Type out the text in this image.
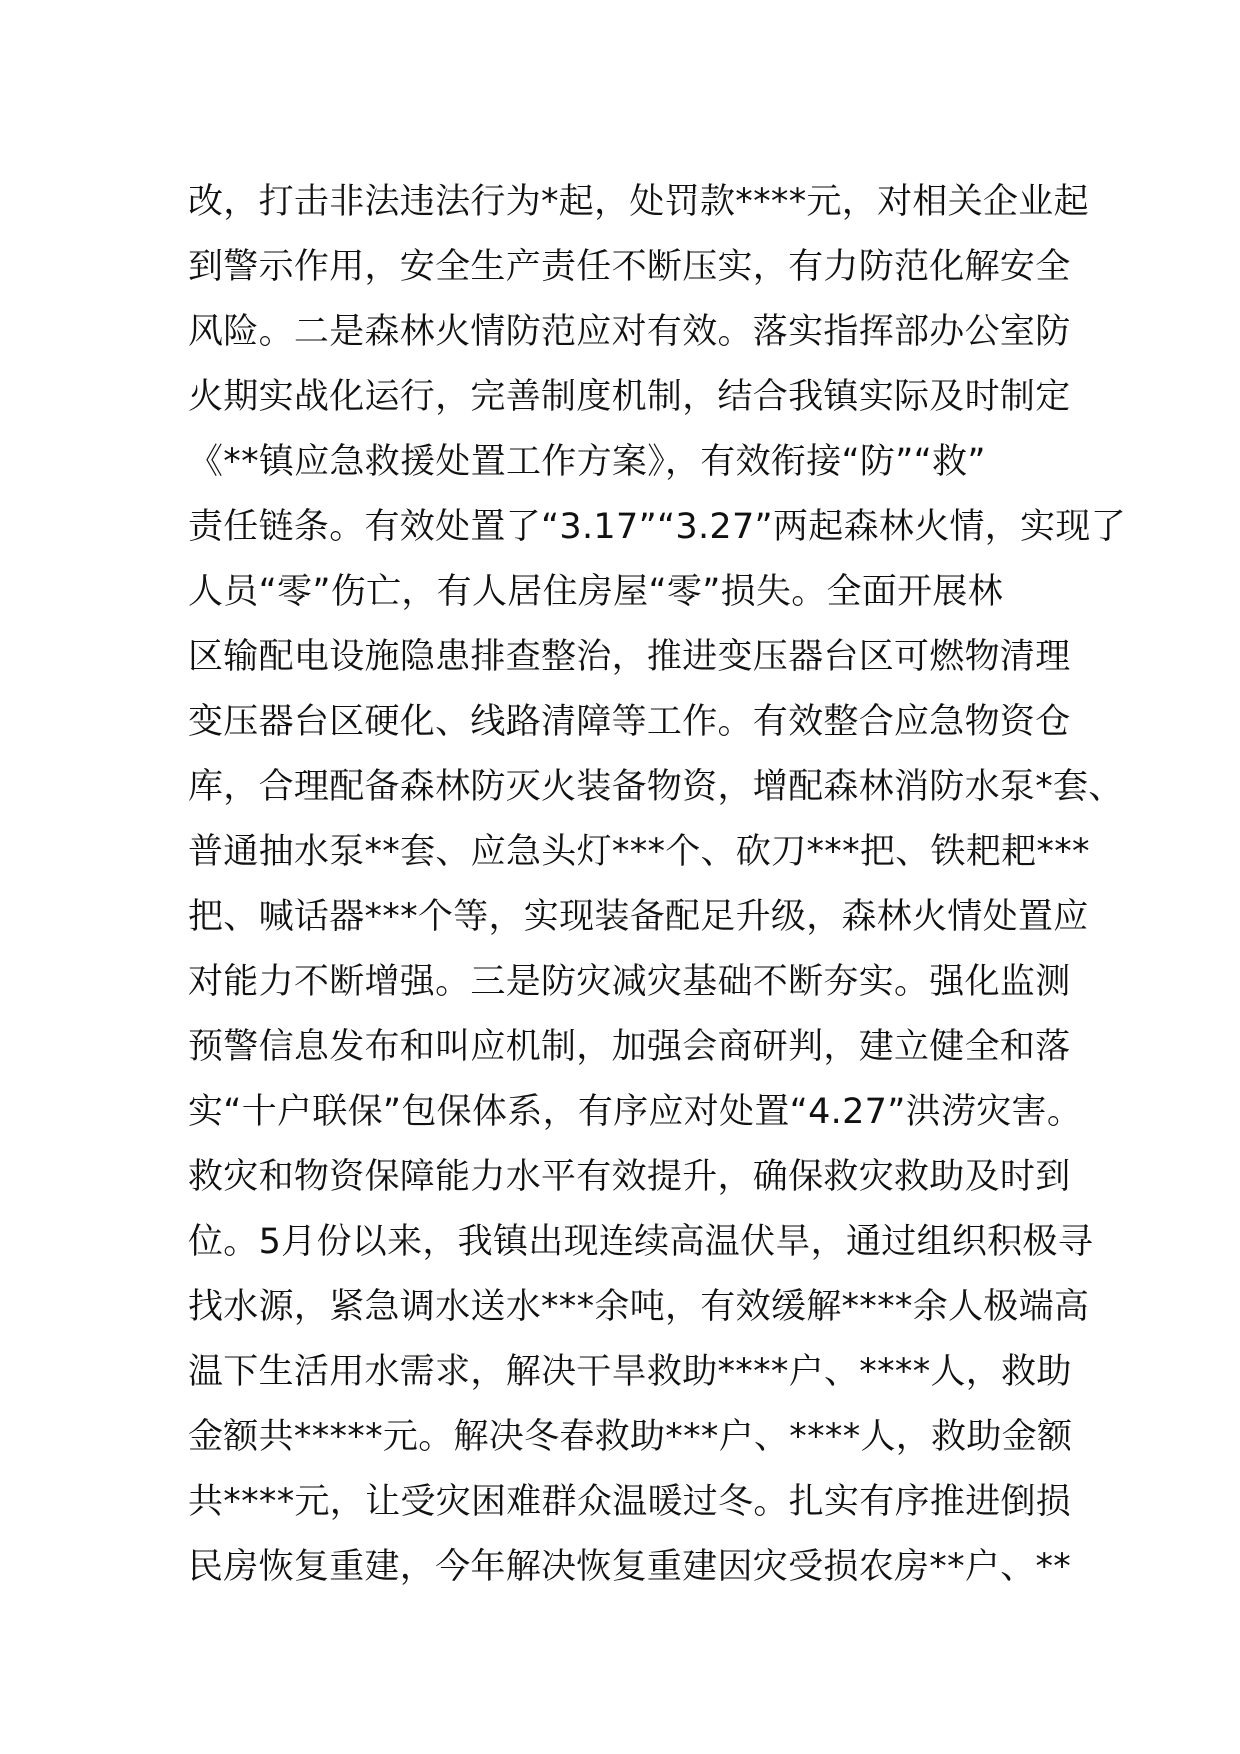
改，打击非法违法行为*起，处罚款****元，对相关企业起
到警示作用，安全生产责任不断压实，有力防范化解安全
风险。二是森林火情防范应对有效。落实指挥部办公室防
火期实战化运行，完善制度机制，结合我镇实际及时制定
《**镇应急救援处置工作方案》，有效衔接“防”“救”
责任链条。有效处置了“3.17”“3.27”两起森林火情，实现了
人员“零”伤亡，有人居住房屋“零”损失。全面开展林
区输配电设施隐患排查整治，推进变压器台区可燃物清理
变压器台区硬化、线路清障等工作。有效整合应急物资仓
库，合理配备森林防灭火装备物资，增配森林消防水泵*套、
普通抽水泵**套、应急头灯***个、砍刀***把、铁耙耙***
把、喊话器***个等，实现装备配足升级，森林火情处置应
对能力不断增强。三是防灾减灾基础不断夯实。强化监测
预警信息发布和叫应机制，加强会商研判，建立健全和落
实“十户联保”包保体系，有序应对处置“4.27”洪涝灾害。
救灾和物资保障能力水平有效提升，确保救灾救助及时到
位。5月份以来，我镇出现连续高温伏旱，通过组织积极寻
找水源，紧急调水送水***余吨，有效缓解****余人极端高
温下生活用水需求，解决干旱救助****户、****人，救助
金额共*****元。解决冬春救助***户、****人，救助金额
共****元，让受灾困难群众温暖过冬。扎实有序推进倒损
民房恢复重建，今年解决恢复重建因灾受损农房**户、**
